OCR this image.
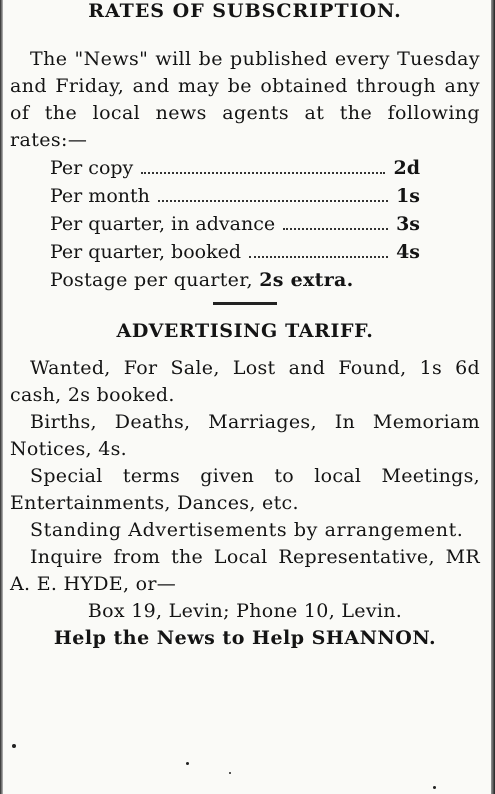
RATES OF SUBSCRIPTION.

The "News" will be published every Tuesday and Friday, and may be obtained through any of the local news agents at the following rates:—

Per copy	2d
Per month	1s
Per quarter, in advance	3s
Per quarter, booked	4s
Postage per quarter, 2s extra.
ADVERTISING TARIFF.

Wanted, For Sale, Lost and Found, 1s 6d cash, 2s booked.

Births, Deaths, Marriages, In Memoriam Notices, 4s.

Special terms given to local Meetings, Entertainments, Dances, etc.

Standing Advertisements by arrangement.

Inquire from the Local Representative, MR A. E. HYDE, or—

Box 19, Levin; Phone 10, Levin.

Help the News to Help SHANNON.
